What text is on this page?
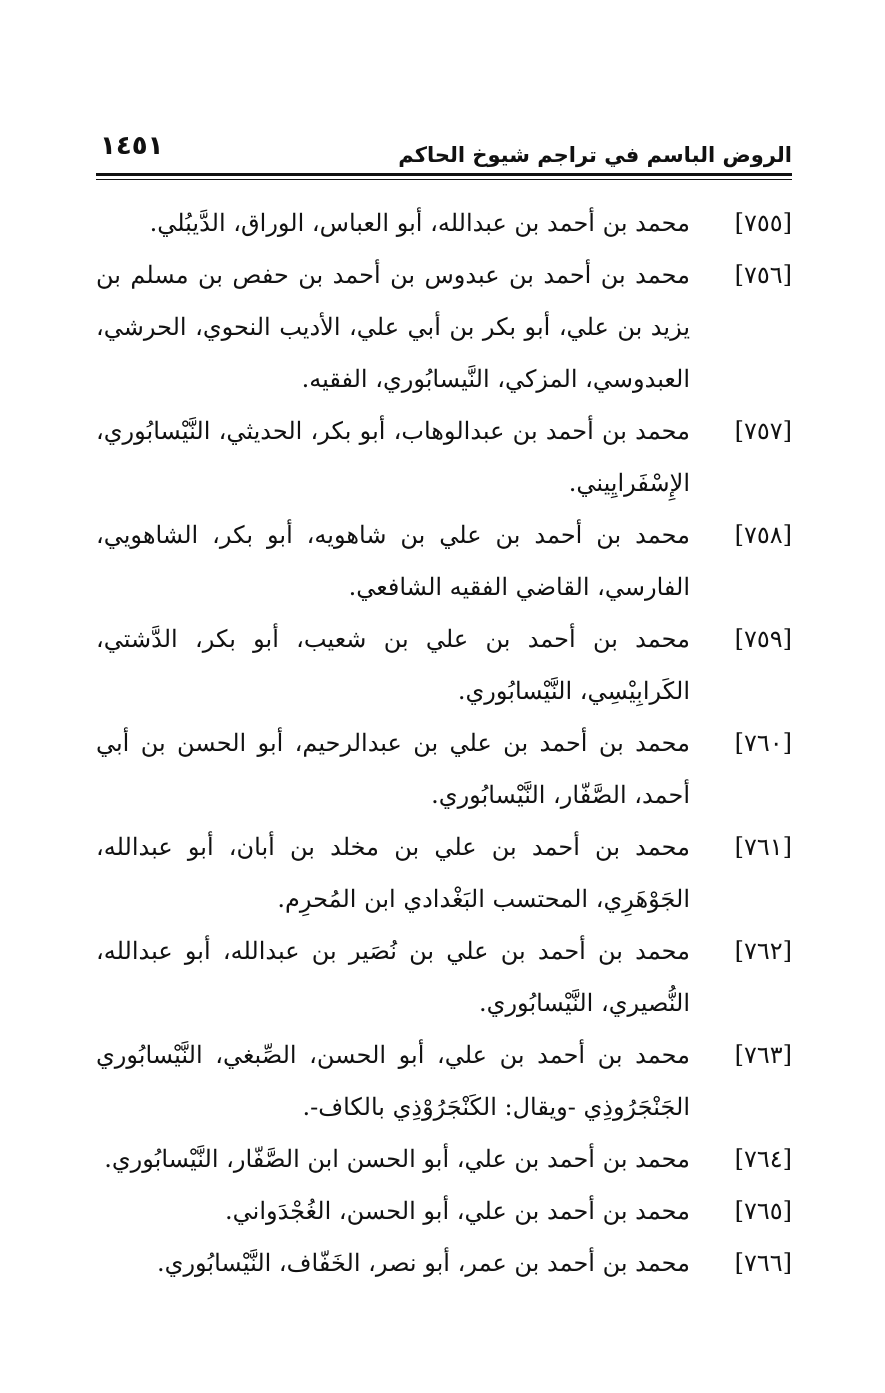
الروض الباسم في تراجم شيوخ الحاكم
١٤٥١
[٧٥٥]
محمد بن أحمد بن عبدالله، أبو العباس، الوراق، الدَّيبُلي.
[٧٥٦]
محمد بن أحمد بن عبدوس بن أحمد بن حفص بن مسلم بن يزيد بن علي، أبو بكر بن أبي علي، الأديب النحوي، الحرشي، العبدوسي، المزكي، النَّيسابُوري، الفقيه.
[٧٥٧]
محمد بن أحمد بن عبدالوهاب، أبو بكر، الحديثي، النَّيْسابُوري، الإِسْفَرايِيني.
[٧٥٨]
محمد بن أحمد بن علي بن شاهويه، أبو بكر، الشاهويي، الفارسي، القاضي الفقيه الشافعي.
[٧٥٩]
محمد بن أحمد بن علي بن شعيب، أبو بكر، الدَّشتي، الكَرابِيْسِي، النَّيْسابُوري.
[٧٦٠]
محمد بن أحمد بن علي بن عبدالرحيم، أبو الحسن بن أبي أحمد، الصَّفّار، النَّيْسابُوري.
[٧٦١]
محمد بن أحمد بن علي بن مخلد بن أبان، أبو عبدالله، الجَوْهَرِي، المحتسب البَغْدادي ابن المُحرِم.
[٧٦٢]
محمد بن أحمد بن علي بن نُصَير بن عبدالله، أبو عبدالله، النُّصيري، النَّيْسابُوري.
[٧٦٣]
محمد بن أحمد بن علي، أبو الحسن، الصِّبغي، النَّيْسابُوري الجَنْجَرُوذِي -ويقال: الكَنْجَرُوْذِي بالكاف-.
[٧٦٤]
محمد بن أحمد بن علي، أبو الحسن ابن الصَّفّار، النَّيْسابُوري.
[٧٦٥]
محمد بن أحمد بن علي، أبو الحسن، الغُجْدَواني.
[٧٦٦]
محمد بن أحمد بن عمر، أبو نصر، الخَفّاف، النَّيْسابُوري.
